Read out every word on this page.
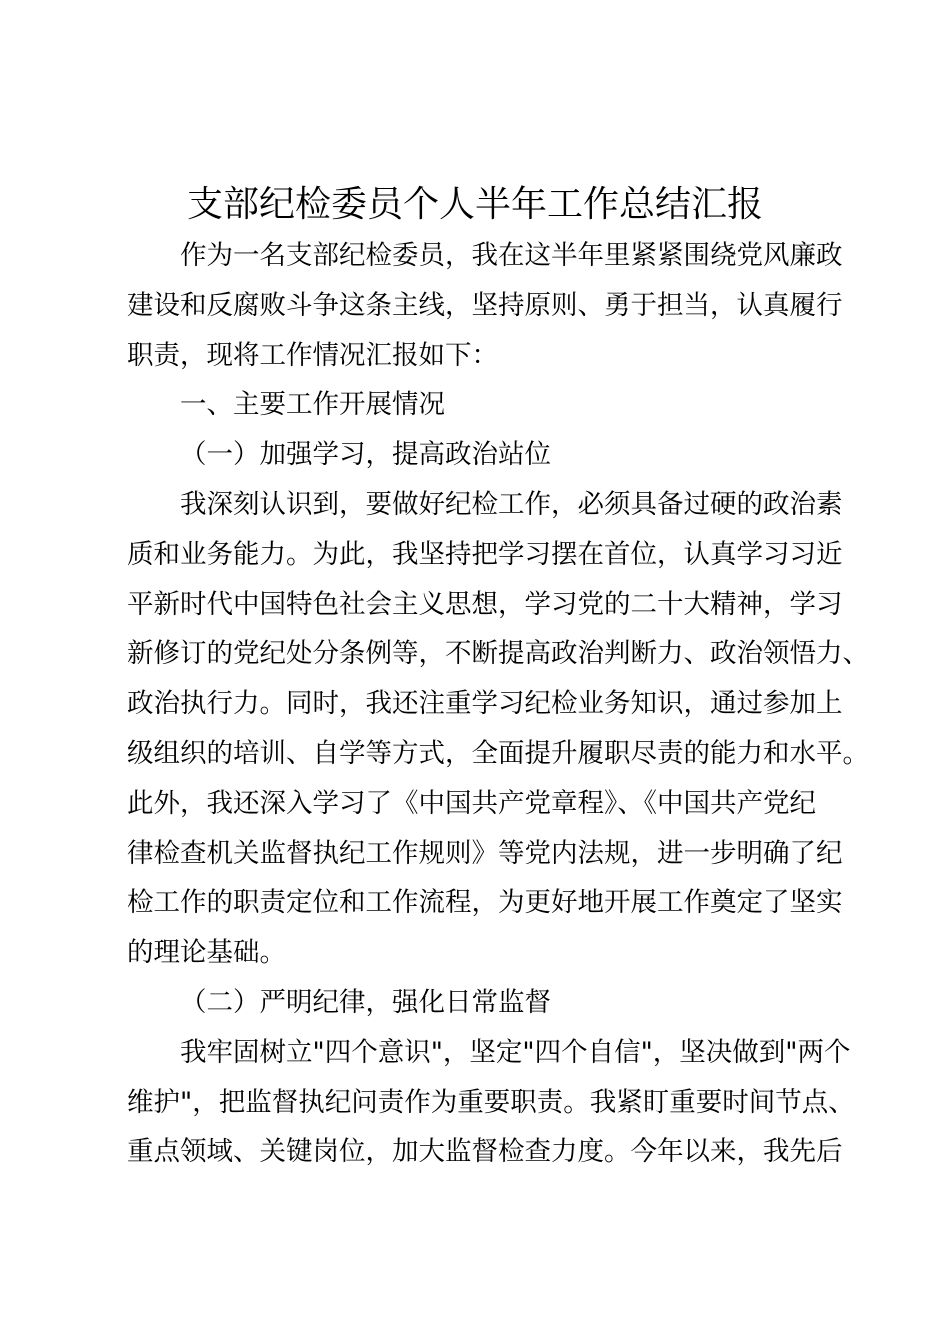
支部纪检委员个人半年工作总结汇报
作为一名支部纪检委员，我在这半年里紧紧围绕党风廉政
建设和反腐败斗争这条主线，坚持原则、勇于担当，认真履行
职责，现将工作情况汇报如下：
一、主要工作开展情况
（一）加强学习，提高政治站位
我深刻认识到，要做好纪检工作，必须具备过硬的政治素
质和业务能力。为此，我坚持把学习摆在首位，认真学习习近
平新时代中国特色社会主义思想，学习党的二十大精神，学习
新修订的党纪处分条例等，不断提高政治判断力、政治领悟力、
政治执行力。同时，我还注重学习纪检业务知识，通过参加上
级组织的培训、自学等方式，全面提升履职尽责的能力和水平。
此外，我还深入学习了《中国共产党章程》、《中国共产党纪
律检查机关监督执纪工作规则》等党内法规，进一步明确了纪
检工作的职责定位和工作流程，为更好地开展工作奠定了坚实
的理论基础。
（二）严明纪律，强化日常监督
我牢固树立"四个意识"，坚定"四个自信"，坚决做到"两个
维护"，把监督执纪问责作为重要职责。我紧盯重要时间节点、
重点领域、关键岗位，加大监督检查力度。今年以来，我先后
